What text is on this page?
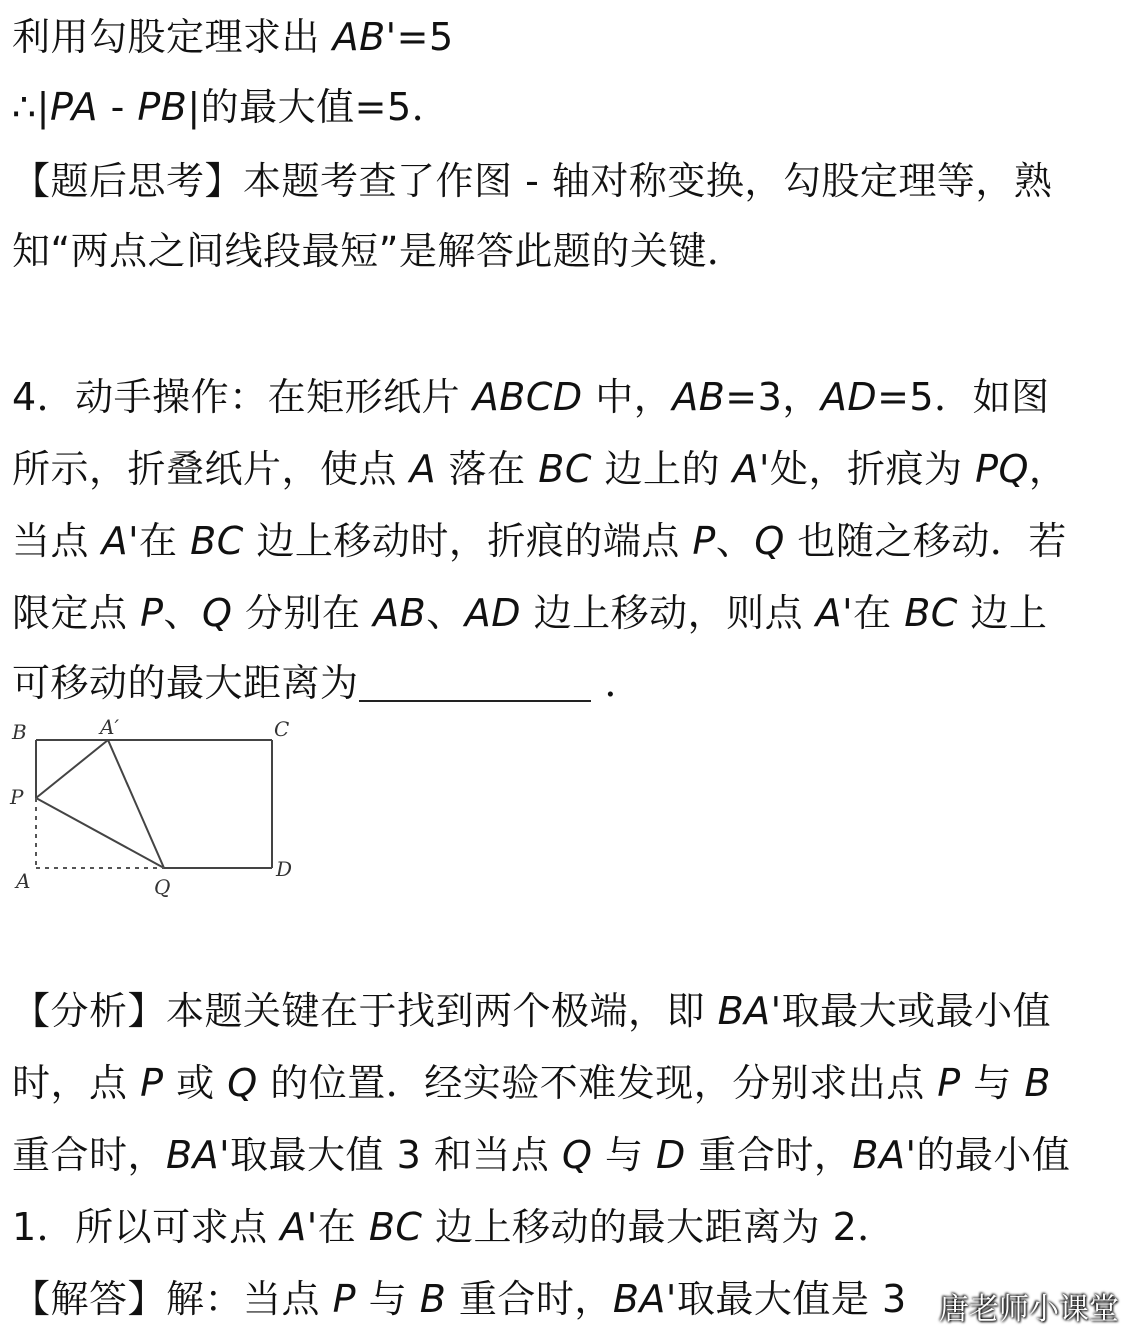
利用勾股定理求出 AB'=5
∴|PA - PB|的最大值=5．
【题后思考】本题考查了作图 - 轴对称变换，勾股定理等，熟
知“两点之间线段最短”是解答此题的关键．
4．动手操作：在矩形纸片 ABCD 中，AB=3，AD=5．如图
所示，折叠纸片，使点 A 落在 BC 边上的 A'处，折痕为 PQ，
当点 A'在 BC 边上移动时，折痕的端点 P、Q 也随之移动．若
限定点 P、Q 分别在 AB、AD 边上移动，则点 A'在 BC 边上
可移动的最大距离为	．
B	A′	C
P
A	Q
D
【分析】本题关键在于找到两个极端，即 BA'取最大或最小值
时，点 P 或 Q 的位置．经实验不难发现，分别求出点 P 与 B
重合时，BA'取最大值 3 和当点 Q 与 D 重合时，BA'的最小值
1．所以可求点 A'在 BC 边上移动的最大距离为 2．
【解答】解：当点 P 与 B 重合时，BA'取最大值是 3 唐老师小课堂
